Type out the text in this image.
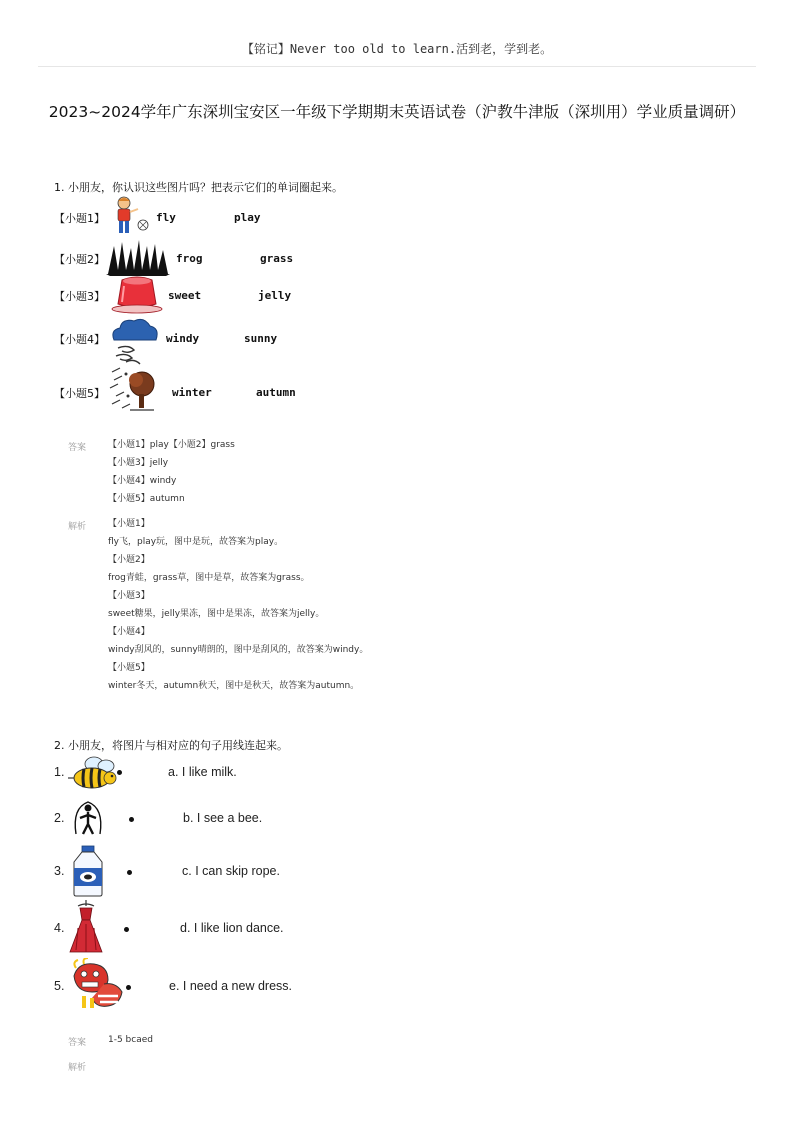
【铭记】Never too old to learn.活到老，学到老。
2023~2024学年广东深圳宝安区一年级下学期期末英语试卷（沪教牛津版（深圳用）学业质量调研）
1. 小朋友，你认识这些图片吗？把表示它们的单词圈起来。
【小题1】	fly	play
【小题2】	frog	grass
【小题3】	sweet	jelly
【小题4】	windy	sunny
【小题5】	winter	autumn
答案 【小题1】play【小题2】grass
【小题3】jelly
【小题4】windy
【小题5】autumn
解析 【小题1】
fly飞，play玩，图中是玩，故答案为play。
【小题2】
frog青蛙，grass草，图中是草，故答案为grass。
【小题3】
sweet糖果，jelly果冻，图中是果冻，故答案为jelly。
【小题4】
windy刮风的，sunny晴朗的，图中是刮风的，故答案为windy。
【小题5】
winter冬天，autumn秋天，图中是秋天，故答案为autumn。
2. 小朋友，将图片与相对应的句子用线连起来。
1.	a. I like milk.
2.	b. I see a bee.
3.	c. I can skip rope.
4.	d. I like lion dance.
5.	e. I need a new dress.
答案 1-5 bcaed
解析
